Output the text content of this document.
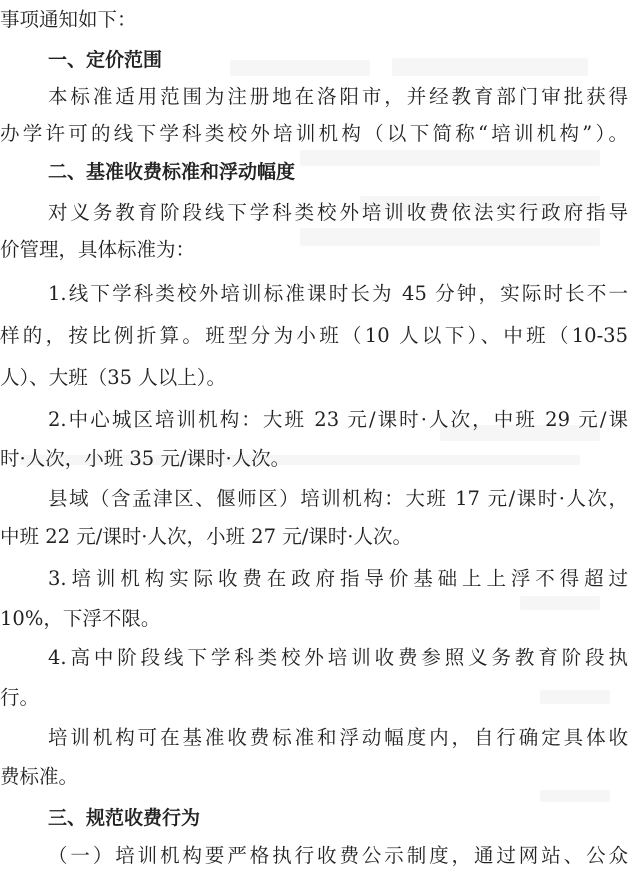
事项通知如下：
一、定价范围
本标准适用范围为注册地在洛阳市，并经教育部门审批获得
办学许可的线下学科类校外培训机构（以下简称“培训机构”）。
二、基准收费标准和浮动幅度
对义务教育阶段线下学科类校外培训收费依法实行政府指导
价管理，具体标准为：
1.线下学科类校外培训标准课时长为 45 分钟，实际时长不一
样的，按比例折算。班型分为小班（10 人以下）、中班（10-35
人）、大班（35 人以上）。
2.中心城区培训机构：大班 23 元/课时·人次，中班 29 元/课
时·人次，小班 35 元/课时·人次。
县域（含孟津区、偃师区）培训机构：大班 17 元/课时·人次，
中班 22 元/课时·人次，小班 27 元/课时·人次。
3.培训机构实际收费在政府指导价基础上上浮不得超过
10%，下浮不限。
4.高中阶段线下学科类校外培训收费参照义务教育阶段执
行。
培训机构可在基准收费标准和浮动幅度内，自行确定具体收
费标准。
三、规范收费行为
（一）培训机构要严格执行收费公示制度，通过网站、公众
